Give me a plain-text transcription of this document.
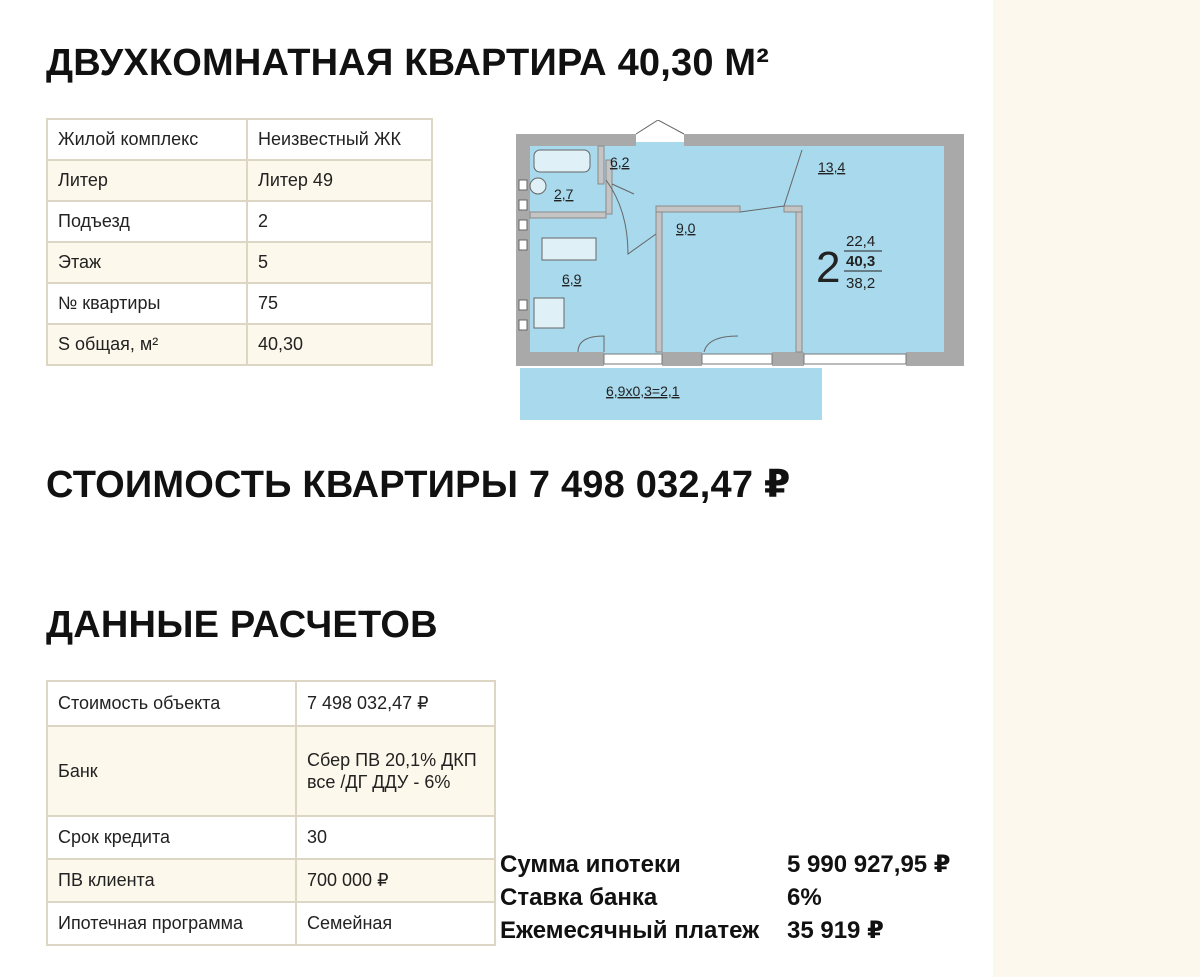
ДВУХКОМНАТНАЯ КВАРТИРА 40,30 М²
Жилой комплекс	Неизвестный ЖК
Литер	Литер 49
Подъезд	2
Этаж	5
№ квартиры	75
S общая, м²	40,30
6,2
2,7
9,0
13,4
6,9
6,9x0,3=2,1
2
22,4
40,3
38,2
СТОИМОСТЬ КВАРТИРЫ 7 498 032,47 ₽
ДАННЫЕ РАСЧЕТОВ
Стоимость объекта	7 498 032,47 ₽
Банк	Сбер ПВ 20,1% ДКП все /ДГ ДДУ - 6%
Срок кредита	30
ПВ клиента	700 000 ₽
Ипотечная программа	Семейная
Сумма ипотеки	5 990 927,95 ₽
Ставка банка	6%
Ежемесячный платеж	35 919 ₽
